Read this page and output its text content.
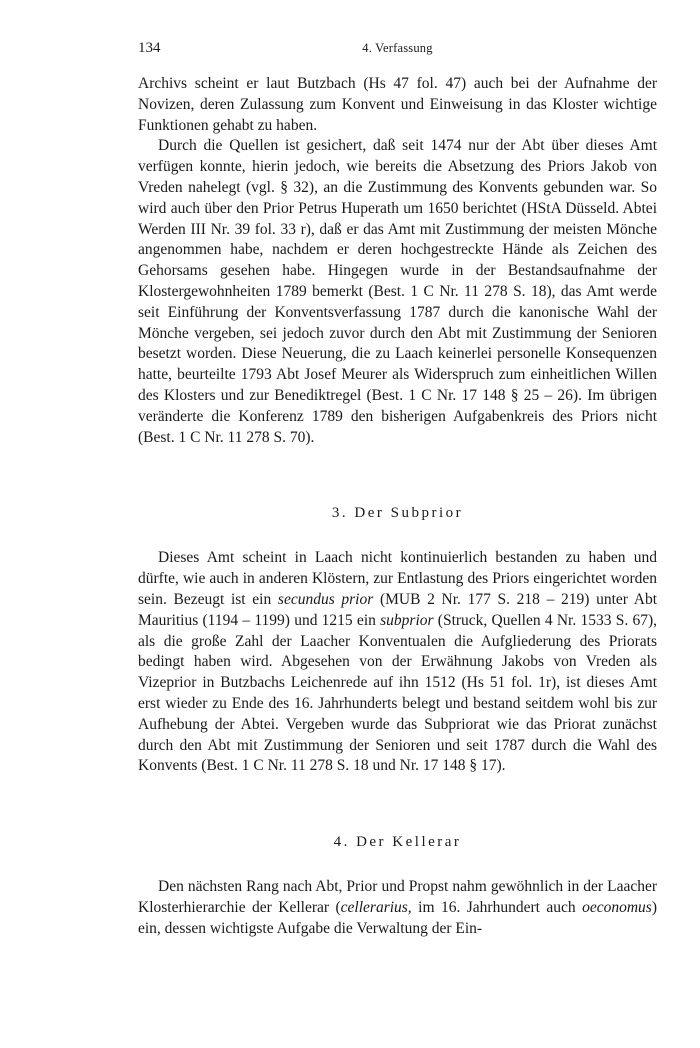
134	4. Verfassung

Archivs scheint er laut Butzbach (Hs 47 fol. 47) auch bei der Aufnahme der Novizen, deren Zulassung zum Konvent und Einweisung in das Kloster wichtige Funktionen gehabt zu haben.

Durch die Quellen ist gesichert, daß seit 1474 nur der Abt über dieses Amt verfügen konnte, hierin jedoch, wie bereits die Absetzung des Priors Jakob von Vreden nahelegt (vgl. § 32), an die Zustimmung des Konvents gebunden war. So wird auch über den Prior Petrus Huperath um 1650 berichtet (HStA Düsseld. Abtei Werden III Nr. 39 fol. 33 r), daß er das Amt mit Zustimmung der meisten Mönche angenommen habe, nachdem er deren hochgestreckte Hände als Zeichen des Gehorsams gesehen habe. Hingegen wurde in der Bestandsaufnahme der Klostergewohnheiten 1789 bemerkt (Best. 1 C Nr. 11 278 S. 18), das Amt werde seit Einführung der Konventsverfassung 1787 durch die kanonische Wahl der Mönche vergeben, sei jedoch zuvor durch den Abt mit Zustimmung der Senioren besetzt worden. Diese Neuerung, die zu Laach keinerlei personelle Konsequenzen hatte, beurteilte 1793 Abt Josef Meurer als Widerspruch zum einheitlichen Willen des Klosters und zur Benediktregel (Best. 1 C Nr. 17 148 § 25 – 26). Im übrigen veränderte die Konferenz 1789 den bisherigen Aufgabenkreis des Priors nicht (Best. 1 C Nr. 11 278 S. 70).

3. Der Subprior

Dieses Amt scheint in Laach nicht kontinuierlich bestanden zu haben und dürfte, wie auch in anderen Klöstern, zur Entlastung des Priors eingerichtet worden sein. Bezeugt ist ein secundus prior (MUB 2 Nr. 177 S. 218 – 219) unter Abt Mauritius (1194 – 1199) und 1215 ein subprior (Struck, Quellen 4 Nr. 1533 S. 67), als die große Zahl der Laacher Konventualen die Aufgliederung des Priorats bedingt haben wird. Abgesehen von der Erwähnung Jakobs von Vreden als Vizeprior in Butzbachs Leichenrede auf ihn 1512 (Hs 51 fol. 1r), ist dieses Amt erst wieder zu Ende des 16. Jahrhunderts belegt und bestand seitdem wohl bis zur Aufhebung der Abtei. Vergeben wurde das Subpriorat wie das Priorat zunächst durch den Abt mit Zustimmung der Senioren und seit 1787 durch die Wahl des Konvents (Best. 1 C Nr. 11 278 S. 18 und Nr. 17 148 § 17).

4. Der Kellerar

Den nächsten Rang nach Abt, Prior und Propst nahm gewöhnlich in der Laacher Klosterhierarchie der Kellerar (cellerarius, im 16. Jahrhundert auch oeconomus) ein, dessen wichtigste Aufgabe die Verwaltung der Ein-
